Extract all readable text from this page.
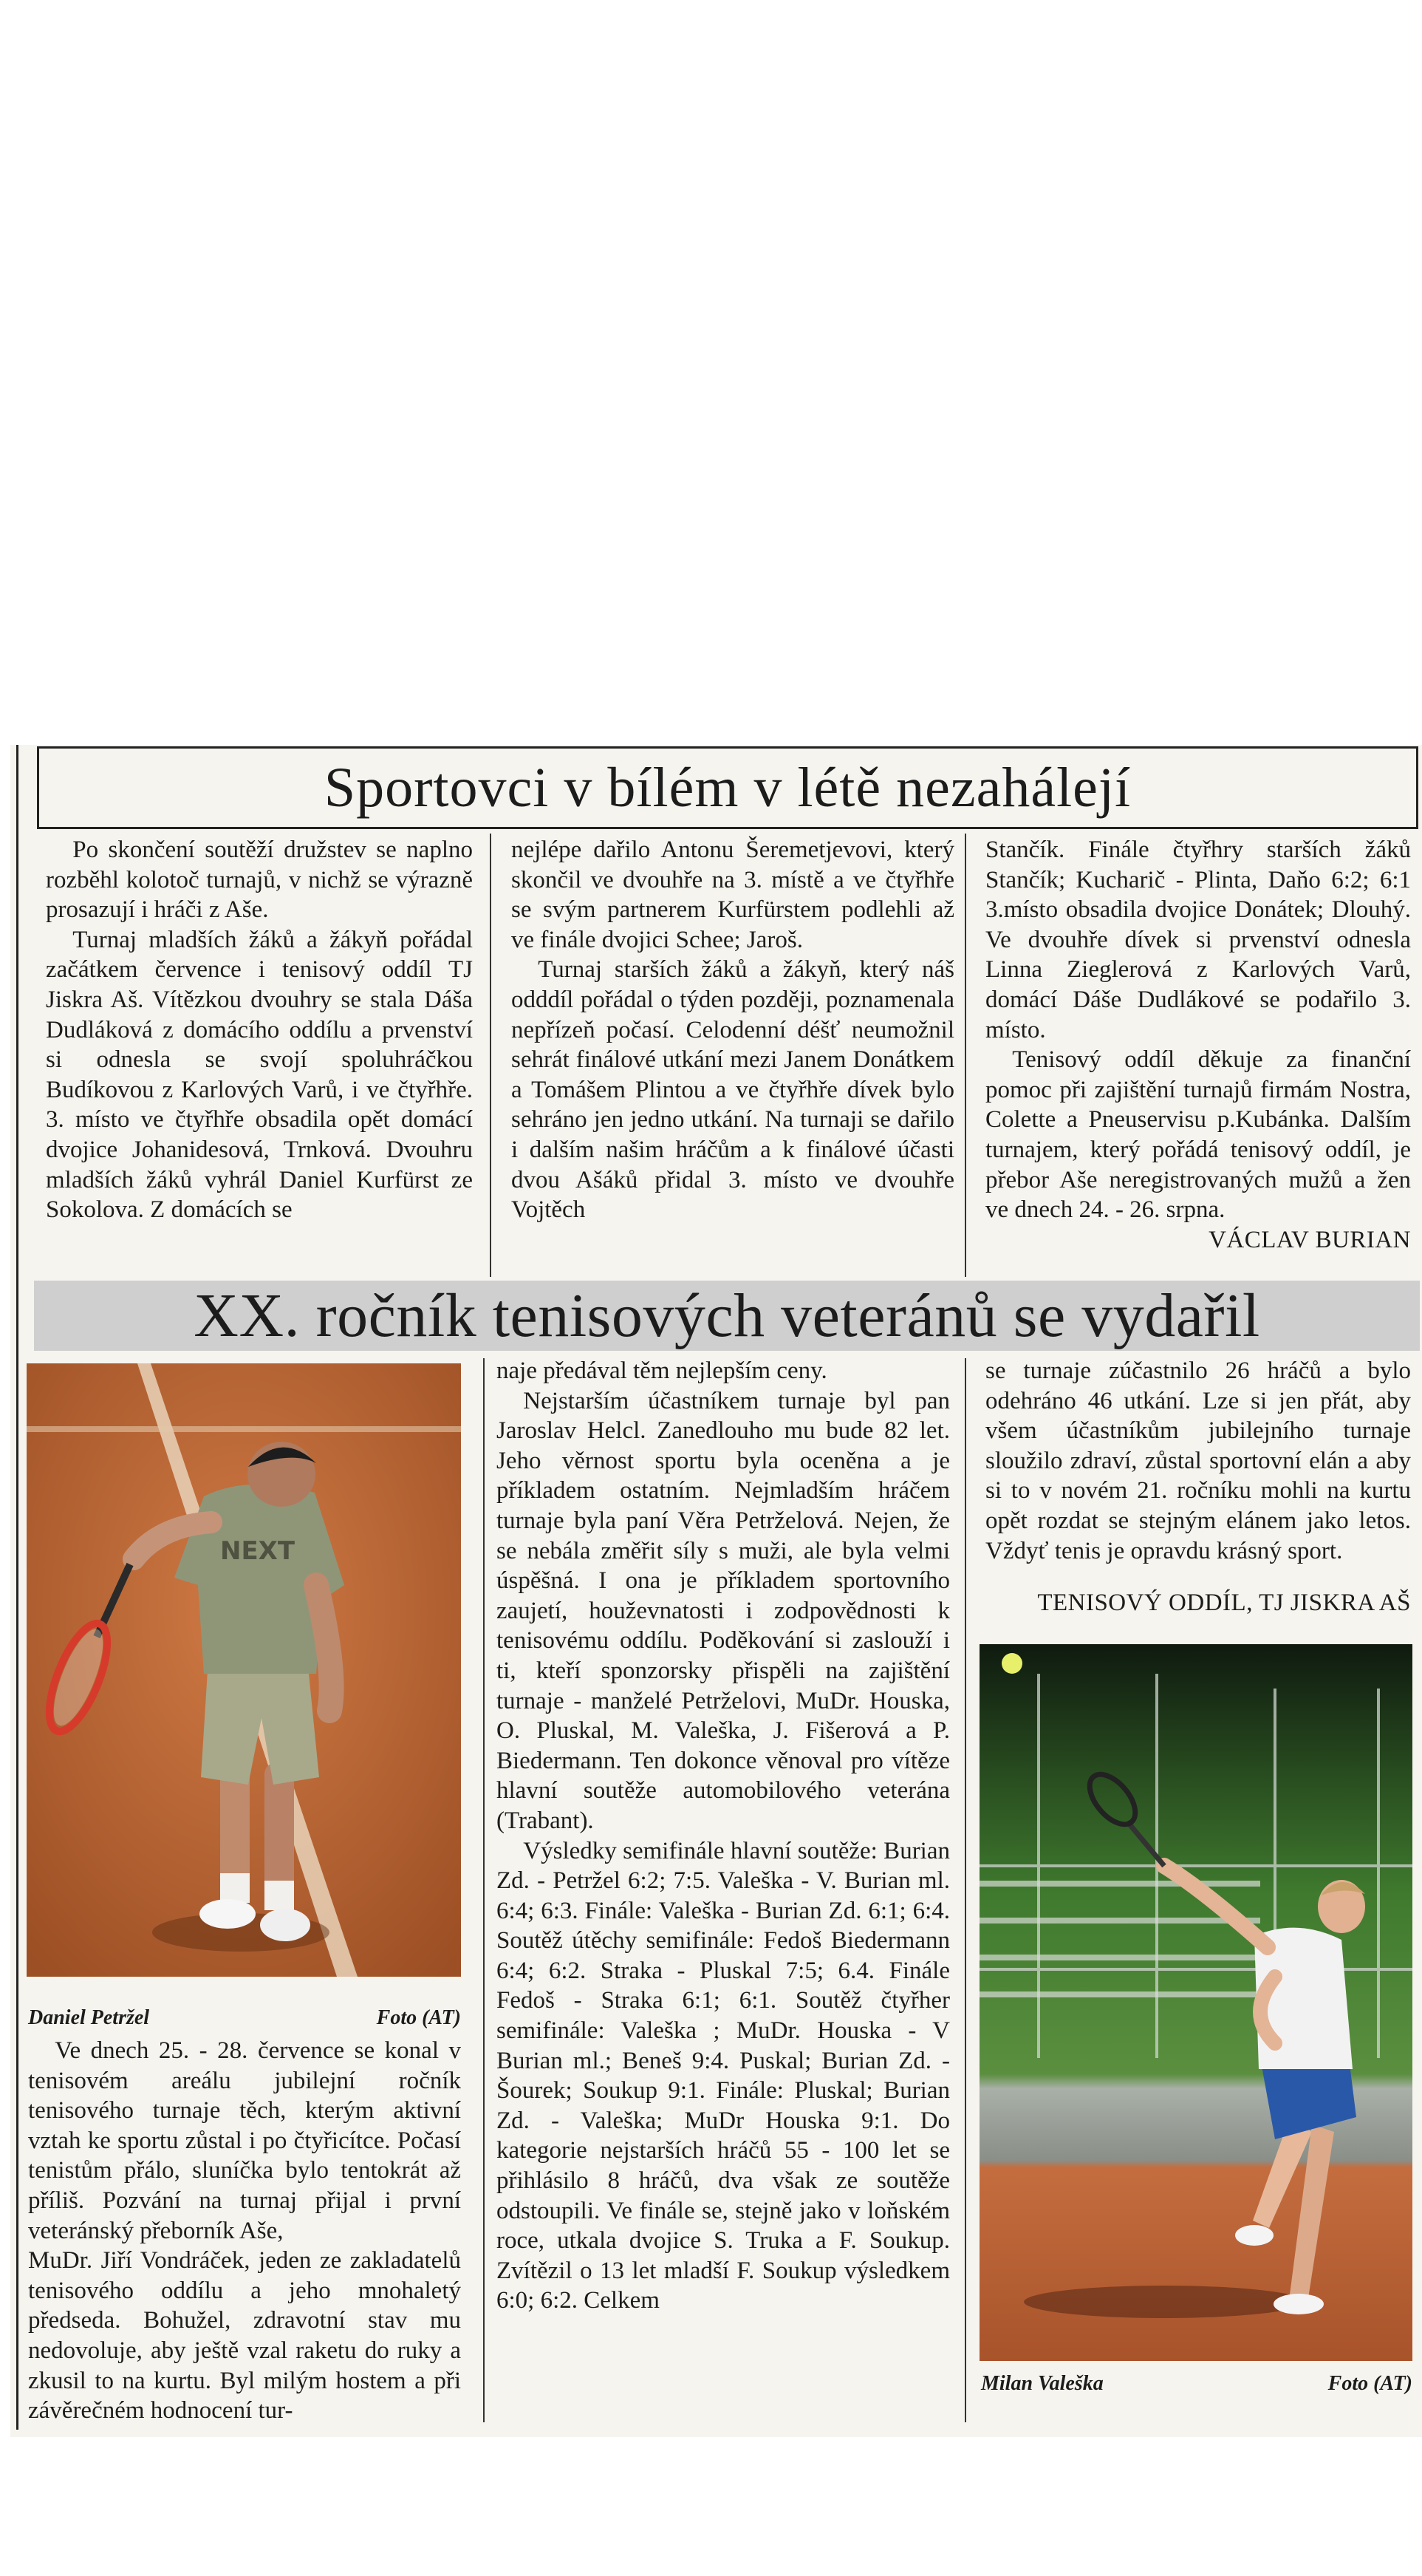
Sportovci v bílém v létě nezahálejí

Po skončení soutěží družstev se naplno rozběhl kolotoč turnajů, v nichž se výrazně prosazují i hráči z Aše.

Turnaj mladších žáků a žákyň pořádal začátkem července i tenisový oddíl TJ Jiskra Aš. Vítězkou dvouhry se stala Dáša Dudláková z domácího oddílu a prvenství si odnesla se svojí spoluhráčkou Budíkovou z Karlových Varů, i ve čtyřhře. 3. místo ve čtyřhře obsadila opět domácí dvojice Johanidesová, Trnková. Dvouhru mladších žáků vyhrál Daniel Kurfürst ze Sokolova. Z domácích se

nejlépe dařilo Antonu Šeremetjevovi, který skončil ve dvouhře na 3. místě a ve čtyřhře se svým partnerem Kurfürstem podlehli až ve finále dvojici Schee; Jaroš.

Turnaj starších žáků a žákyň, který náš odddíl pořádal o týden později, poznamenala nepřízeň počasí. Celodenní déšť neumožnil sehrát finálové utkání mezi Janem Donátkem a Tomášem Plintou a ve čtyřhře dívek bylo sehráno jen jedno utkání. Na turnaji se dařilo i dalším našim hráčům a k finálové účasti dvou Ašáků přidal 3. místo ve dvouhře Vojtěch

Stančík. Finále čtyřhry starších žáků Stančík; Kucharič - Plinta, Daňo 6:2; 6:1 3.místo obsadila dvojice Donátek; Dlouhý. Ve dvouhře dívek si prvenství odnesla Linna Zieglerová z Karlových Varů, domácí Dáše Dudlákové se podařilo 3. místo.

Tenisový oddíl děkuje za finanční pomoc při zajištění turnajů firmám Nostra, Colette a Pneuservisu p.Kubánka. Dalším turnajem, který pořádá tenisový oddíl, je přebor Aše neregistrovaných mužů a žen ve dnech 24. - 26. srpna.

VÁCLAV BURIAN

XX. ročník tenisových veteránů se vydařil
NEXT
Daniel Petržel	Foto (AT)

Ve dnech 25. - 28. července se konal v tenisovém areálu jubilejní ročník tenisového turnaje těch, kterým aktivní vztah ke sportu zůstal i po čtyřicítce. Počasí tenistům přálo, sluníčka bylo tentokrát až příliš. Pozvání na turnaj přijal i první veteránský přeborník Aše,

MuDr. Jiří Vondráček, jeden ze zakladatelů tenisového oddílu a jeho mnohaletý předseda. Bohužel, zdravotní stav mu nedovoluje, aby ještě vzal raketu do ruky a zkusil to na kurtu. Byl milým hostem a při závěrečném hodnocení tur-

naje předával těm nejlepším ceny.

Nejstarším účastníkem turnaje byl pan Jaroslav Helcl. Zanedlouho mu bude 82 let. Jeho věrnost sportu byla oceněna a je příkladem ostatním. Nejmladším hráčem turnaje byla paní Věra Petrželová. Nejen, že se nebála změřit síly s muži, ale byla velmi úspěšná. I ona je příkladem sportovního zaujetí, houževnatosti i zodpovědnosti k tenisovému oddílu. Poděkování si zaslouží i ti, kteří sponzorsky přispěli na zajištění turnaje - manželé Petrželovi, MuDr. Houska, O. Pluskal, M. Valeška, J. Fišerová a P. Biedermann. Ten dokonce věnoval pro vítěze hlavní soutěže automobilového veterána (Trabant).

Výsledky semifinále hlavní soutěže: Burian Zd. - Petržel 6:2; 7:5. Valeška - V. Burian ml. 6:4; 6:3. Finále: Valeška - Burian Zd. 6:1; 6:4. Soutěž útěchy semifinále: Fedoš Biedermann 6:4; 6:2. Straka - Pluskal 7:5; 6.4. Finále Fedoš - Straka 6:1; 6:1. Soutěž čtyřher semifinále: Valeška ; MuDr. Houska - V Burian ml.; Beneš 9:4. Puskal; Burian Zd. - Šourek; Soukup 9:1. Finále: Pluskal; Burian Zd. - Valeška; MuDr Houska 9:1. Do kategorie nejstarších hráčů 55 - 100 let se přihlásilo 8 hráčů, dva však ze soutěže odstoupili. Ve finále se, stejně jako v loňském roce, utkala dvojice S. Truka a F. Soukup. Zvítězil o 13 let mladší F. Soukup výsledkem 6:0; 6:2. Celkem

se turnaje zúčastnilo 26 hráčů a bylo odehráno 46 utkání. Lze si jen přát, aby všem účastníkům jubilejního turnaje sloužilo zdraví, zůstal sportovní elán a aby si to v novém 21. ročníku mohli na kurtu opět rozdat se stejným elánem jako letos. Vždyť tenis je opravdu krásný sport.

TENISOVÝ ODDÍL, TJ JISKRA AŠ

Milan Valeška	Foto (AT)
